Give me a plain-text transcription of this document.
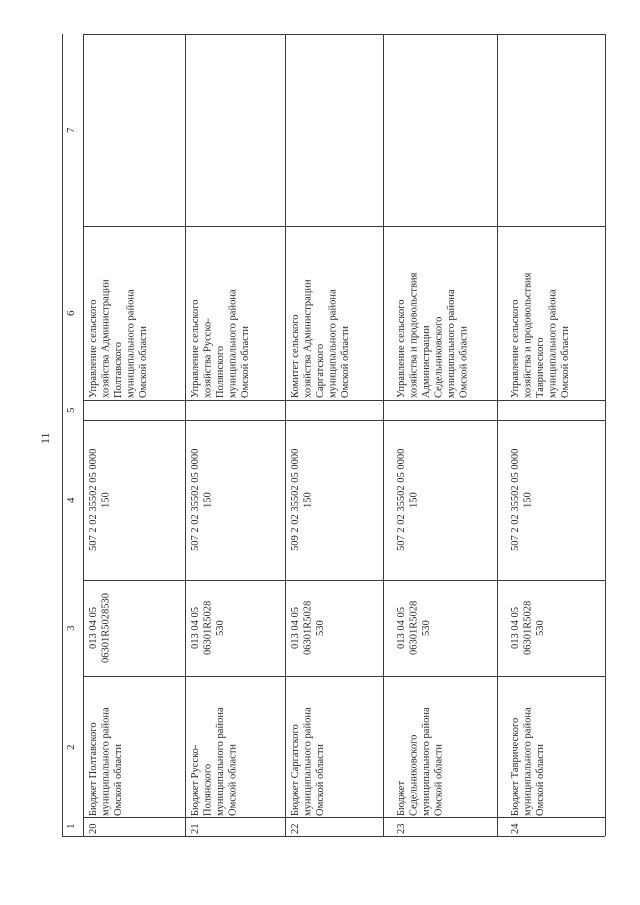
11
1
2
3
4
5
6
7
20
Бюджет Полтавского
муниципального района
Омской области
013 04 05
06301R5028530
507 2 02 35502 05 0000
150
Управление сельского
хозяйства Администрации
Полтавского
муниципального района
Омской области
21
Бюджет Русско-
Полянского
муниципального района
Омской области
013 04 05
06301R5028
530
507 2 02 35502 05 0000
150
Управление сельского
хозяйства Русско-
Полянского
муниципального района
Омской области
22
Бюджет Саргатского
муниципального района
Омской области
013 04 05
06301R5028
530
509 2 02 35502 05 0000
150
Комитет сельского
хозяйства Администрации
Саргатского
муниципального района
Омской области
23
Бюджет
Седельниковского
муниципального района
Омской области
013 04 05
06301R5028
530
507 2 02 35502 05 0000
150
Управление сельского
хозяйства и продовольствия
Администрации
Седельниковского
муниципального района
Омской области
24
Бюджет Таврического
муниципального района
Омской области
013 04 05
06301R5028
530
507 2 02 35502 05 0000
150
Управление сельского
хозяйства и продовольствия
Таврического
муниципального района
Омской области
